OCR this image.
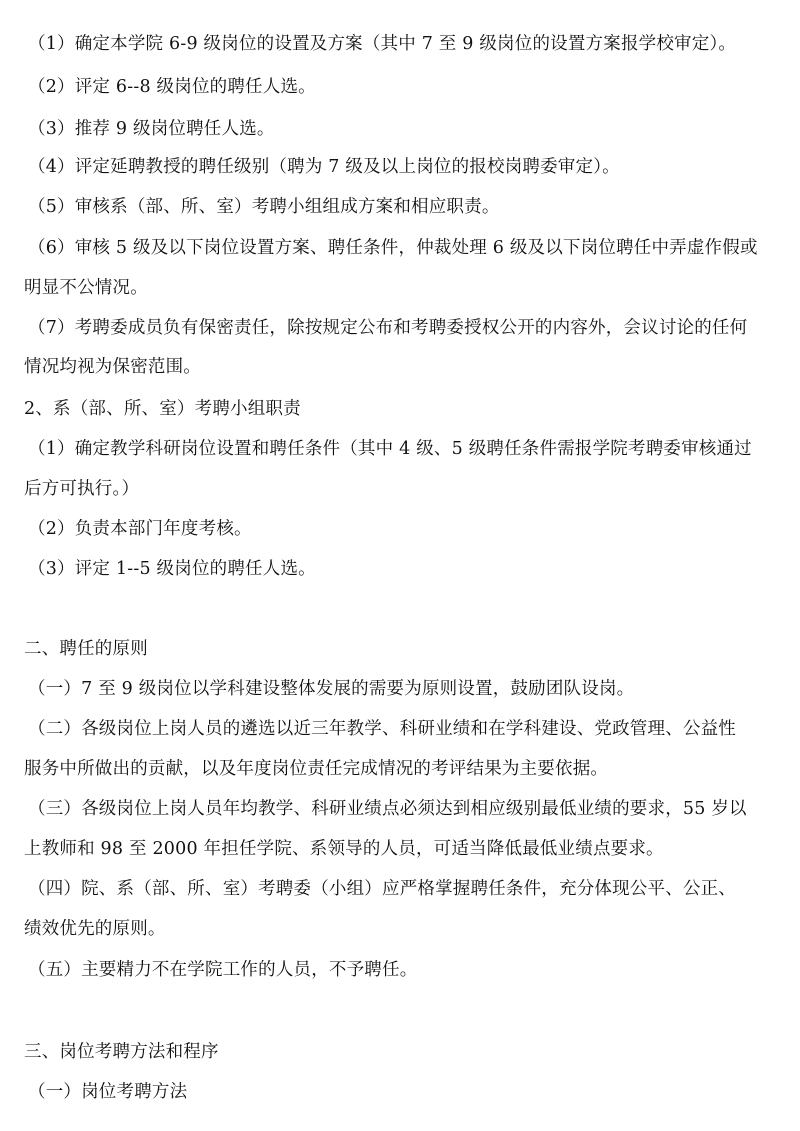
（1）确定本学院 6-9 级岗位的设置及方案（其中 7 至 9 级岗位的设置方案报学校审定）。
（2）评定 6--8 级岗位的聘任人选。
（3）推荐 9 级岗位聘任人选。
（4）评定延聘教授的聘任级别（聘为 7 级及以上岗位的报校岗聘委审定）。
（5）审核系（部、所、室）考聘小组组成方案和相应职责。
（6）审核 5 级及以下岗位设置方案、聘任条件，仲裁处理 6 级及以下岗位聘任中弄虚作假或
明显不公情况。
（7）考聘委成员负有保密责任，除按规定公布和考聘委授权公开的内容外，会议讨论的任何
情况均视为保密范围。
2、系（部、所、室）考聘小组职责
（1）确定教学科研岗位设置和聘任条件（其中 4 级、5 级聘任条件需报学院考聘委审核通过
后方可执行。）
（2）负责本部门年度考核。
（3）评定 1--5 级岗位的聘任人选。
二、聘任的原则
（一）7 至 9 级岗位以学科建设整体发展的需要为原则设置，鼓励团队设岗。
（二）各级岗位上岗人员的遴选以近三年教学、科研业绩和在学科建设、党政管理、公益性
服务中所做出的贡献，以及年度岗位责任完成情况的考评结果为主要依据。
（三）各级岗位上岗人员年均教学、科研业绩点必须达到相应级别最低业绩的要求，55 岁以
上教师和 98 至 2000 年担任学院、系领导的人员，可适当降低最低业绩点要求。
（四）院、系（部、所、室）考聘委（小组）应严格掌握聘任条件，充分体现公平、公正、
绩效优先的原则。
（五）主要精力不在学院工作的人员，不予聘任。
三、岗位考聘方法和程序
（一）岗位考聘方法
